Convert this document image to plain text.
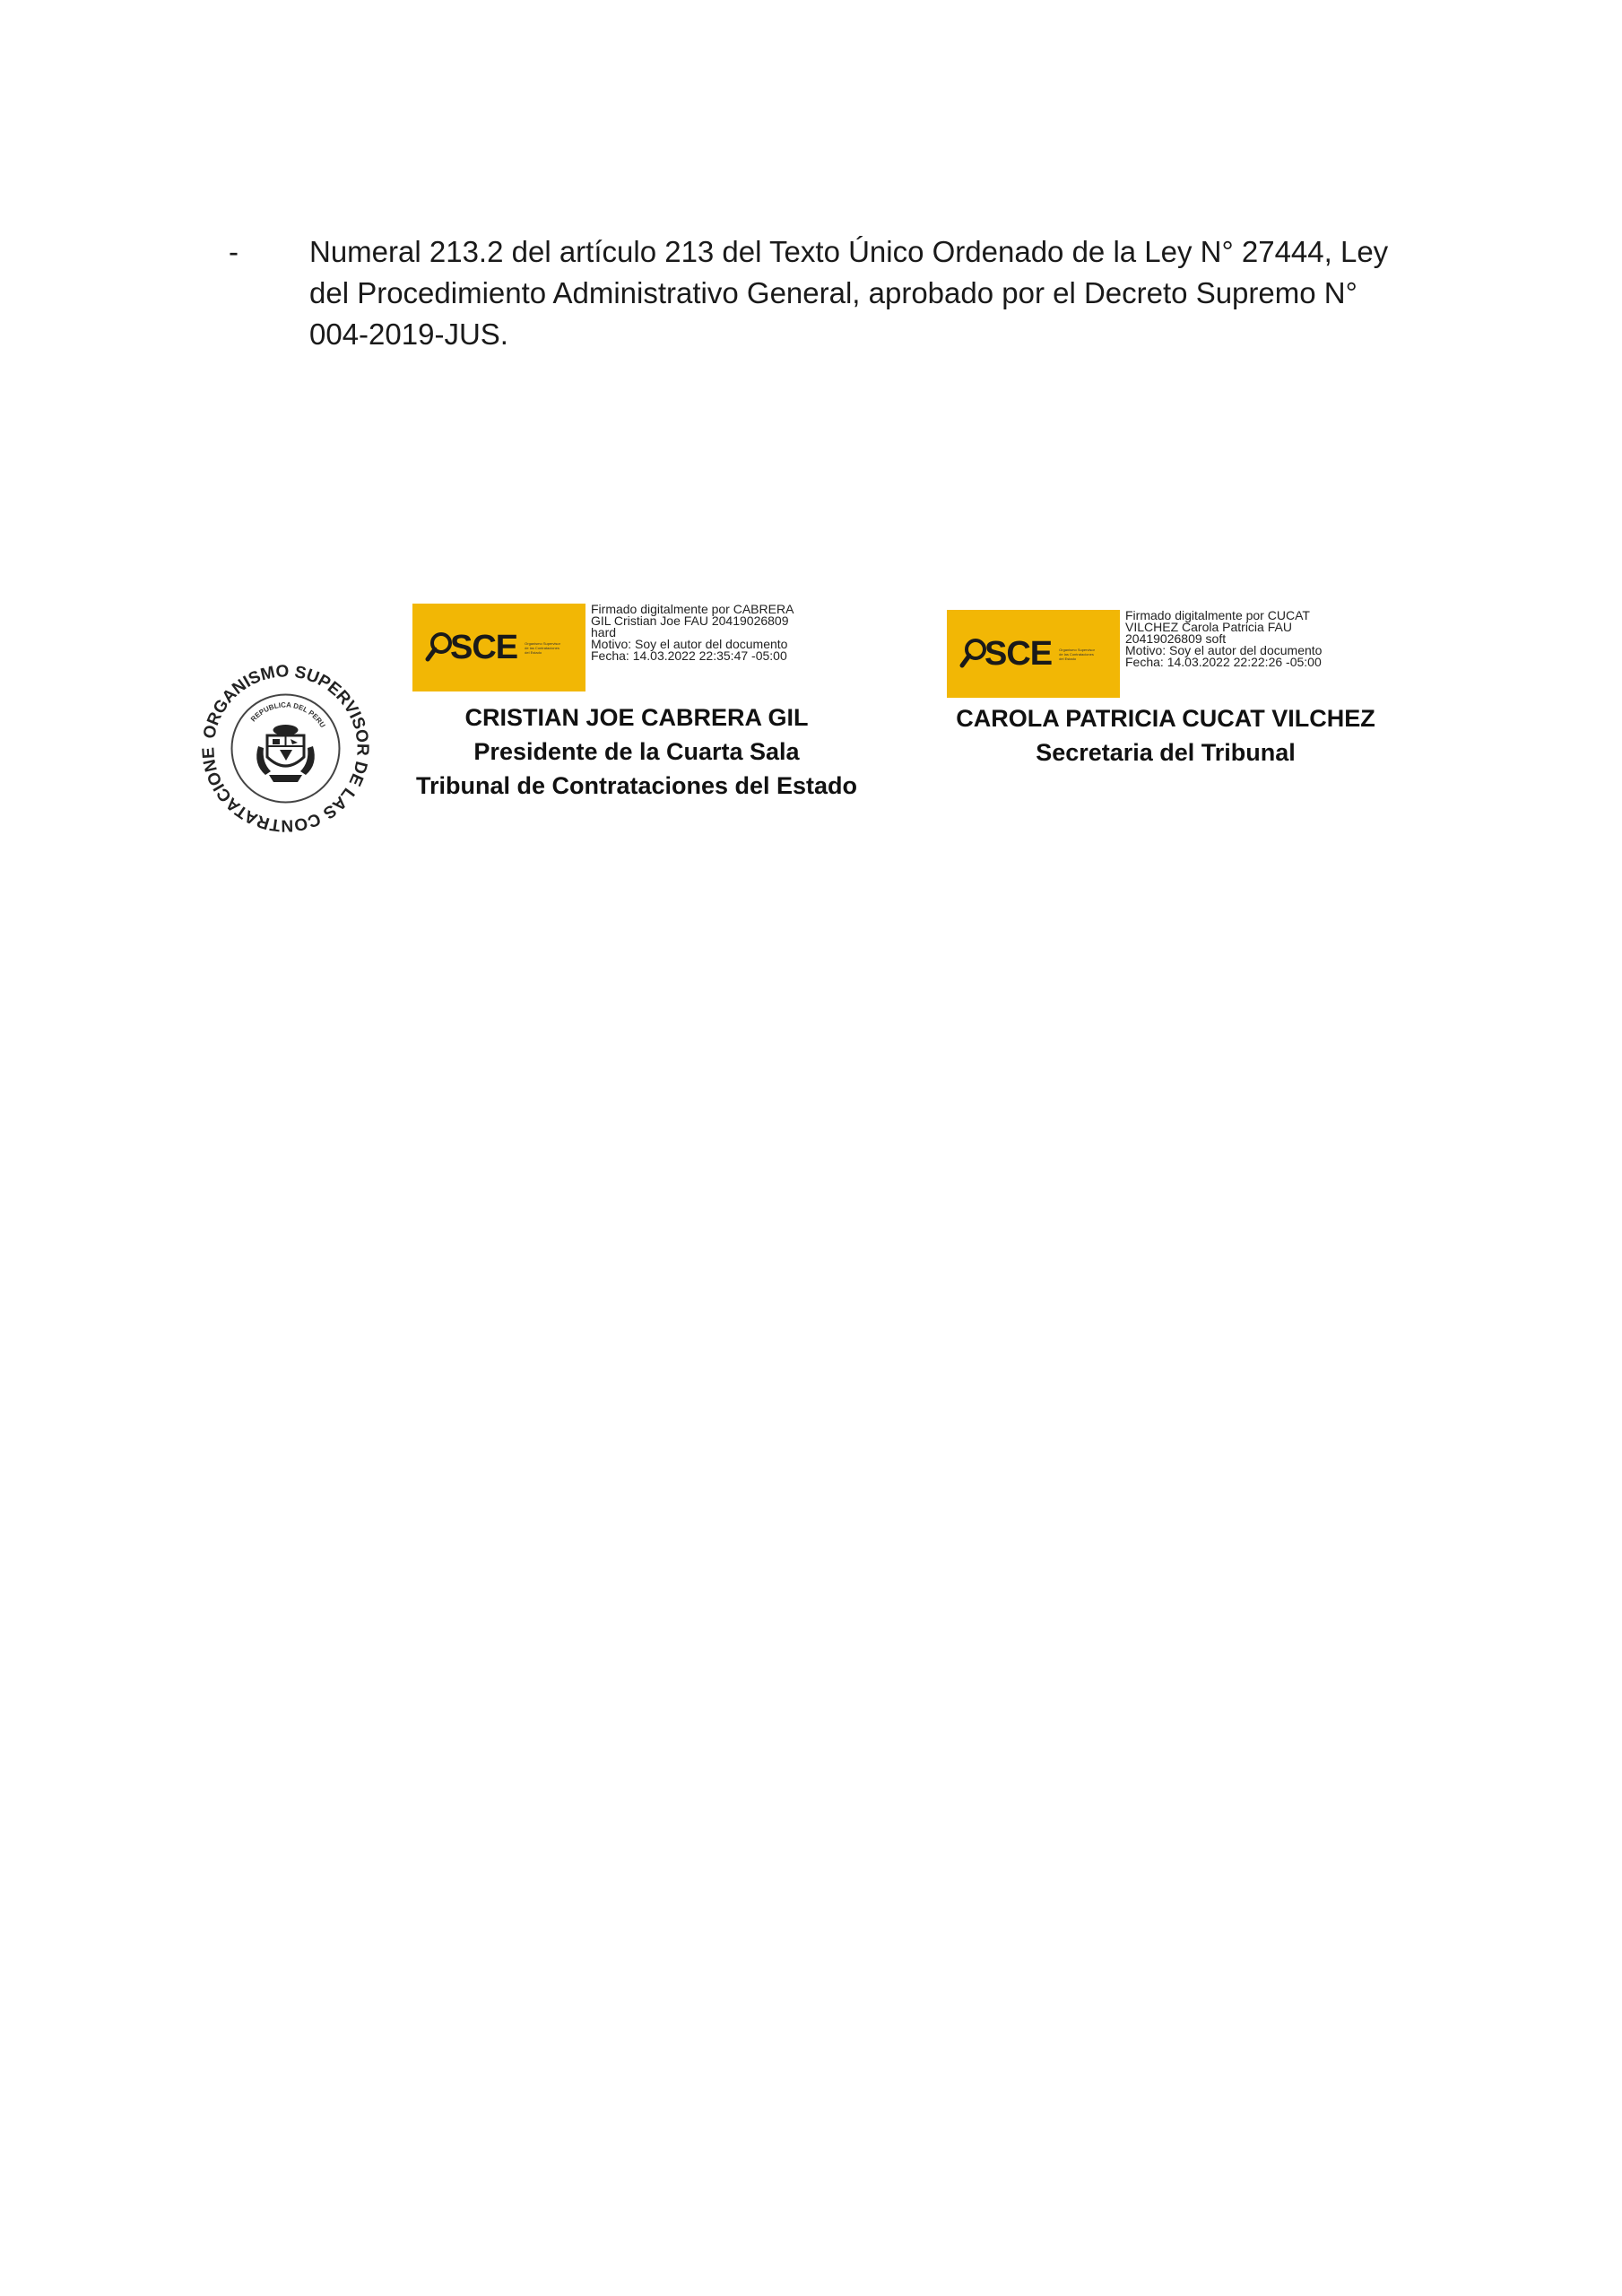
-	Numeral 213.2 del artículo 213 del Texto Único Ordenado de la Ley N° 27444, Ley del Procedimiento Administrativo General, aprobado por el Decreto Supremo N° 004-2019-JUS.
ORGANISMO SUPERVISOR DE LAS CONTRATACIONE
REPUBLICA DEL PERU
SCE Organismo Supervisor de las Contrataciones del Estado
Firmado digitalmente por CABRERA
GIL Cristian Joe FAU 20419026809
hard
Motivo: Soy el autor del documento
Fecha: 14.03.2022 22:35:47 -05:00
CRISTIAN JOE CABRERA GIL
Presidente de la Cuarta Sala
Tribunal de Contrataciones del Estado
SCE Organismo Supervisor de las Contrataciones del Estado
Firmado digitalmente por CUCAT
VILCHEZ Carola Patricia FAU
20419026809 soft
Motivo: Soy el autor del documento
Fecha: 14.03.2022 22:22:26 -05:00
CAROLA PATRICIA CUCAT VILCHEZ
Secretaria del Tribunal
